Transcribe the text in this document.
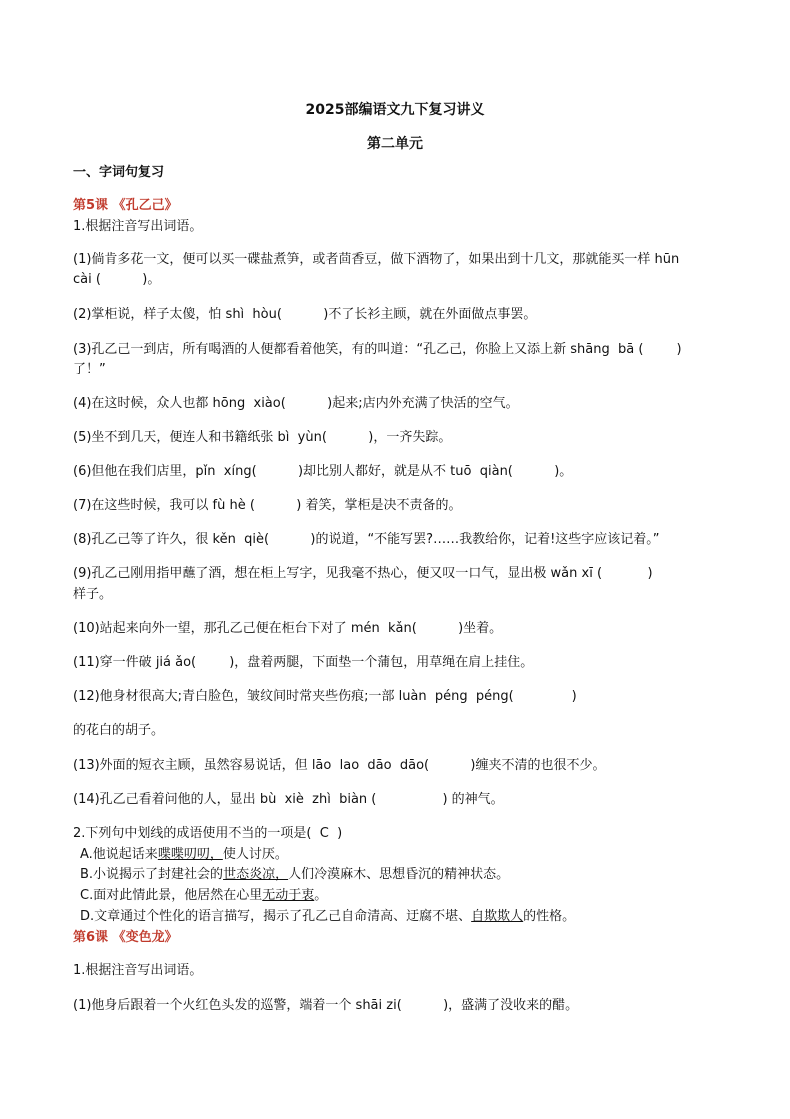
2025部编语文九下复习讲义
第二单元
一、字词句复习
第5课 《孔乙己》
1.根据注音写出词语。
(1)倘肯多花一文，便可以买一碟盐煮笋，或者茴香豆，做下酒物了，如果出到十几文，那就能买一样 hūn
cài (          )。
(2)掌柜说，样子太傻，怕 shì  hòu(          )不了长衫主顾，就在外面做点事罢。
(3)孔乙己一到店，所有喝酒的人便都看着他笑，有的叫道：“孔乙己，你脸上又添上新 shāng  bā (        )
了！”
(4)在这时候，众人也都 hōng  xiào(          )起来;店内外充满了快活的空气。
(5)坐不到几天，便连人和书籍纸张 bì  yùn(          )，一齐失踪。
(6)但他在我们店里，pǐn  xíng(          )却比别人都好，就是从不 tuō  qiàn(          )。
(7)在这些时候，我可以 fù hè (          ) 着笑，掌柜是决不责备的。
(8)孔乙己等了许久，很 kěn  qiè(          )的说道，“不能写罢?……我教给你，记着!这些字应该记着。”
(9)孔乙己刚用指甲蘸了酒，想在柜上写字，见我毫不热心，便又叹一口气，显出极 wǎn xī (           )
样子。
(10)站起来向外一望，那孔乙己便在柜台下对了 mén  kǎn(          )坐着。
(11)穿一件破 jiá ǎo(        )，盘着两腿，下面垫一个蒲包，用草绳在肩上挂住。
(12)他身材很高大;青白脸色，皱纹间时常夹些伤痕;一部 luàn  péng  péng(              )
的花白的胡子。
(13)外面的短衣主顾，虽然容易说话，但 lāo  lao  dāo  dāo(          )缠夹不清的也很不少。
(14)孔乙己看着问他的人，显出 bù  xiè  zhì  biàn (                ) 的神气。
2.下列句中划线的成语使用不当的一项是(  C  )
A.他说起话来喋喋叨叨，使人讨厌。
B.小说揭示了封建社会的世态炎凉，人们冷漠麻木、思想昏沉的精神状态。
C.面对此情此景，他居然在心里无动于衷。
D.文章通过个性化的语言描写，揭示了孔乙己自命清高、迂腐不堪、自欺欺人的性格。
第6课 《变色龙》
1.根据注音写出词语。
(1)他身后跟着一个火红色头发的巡警，端着一个 shāi zi(          )，盛满了没收来的醋。
